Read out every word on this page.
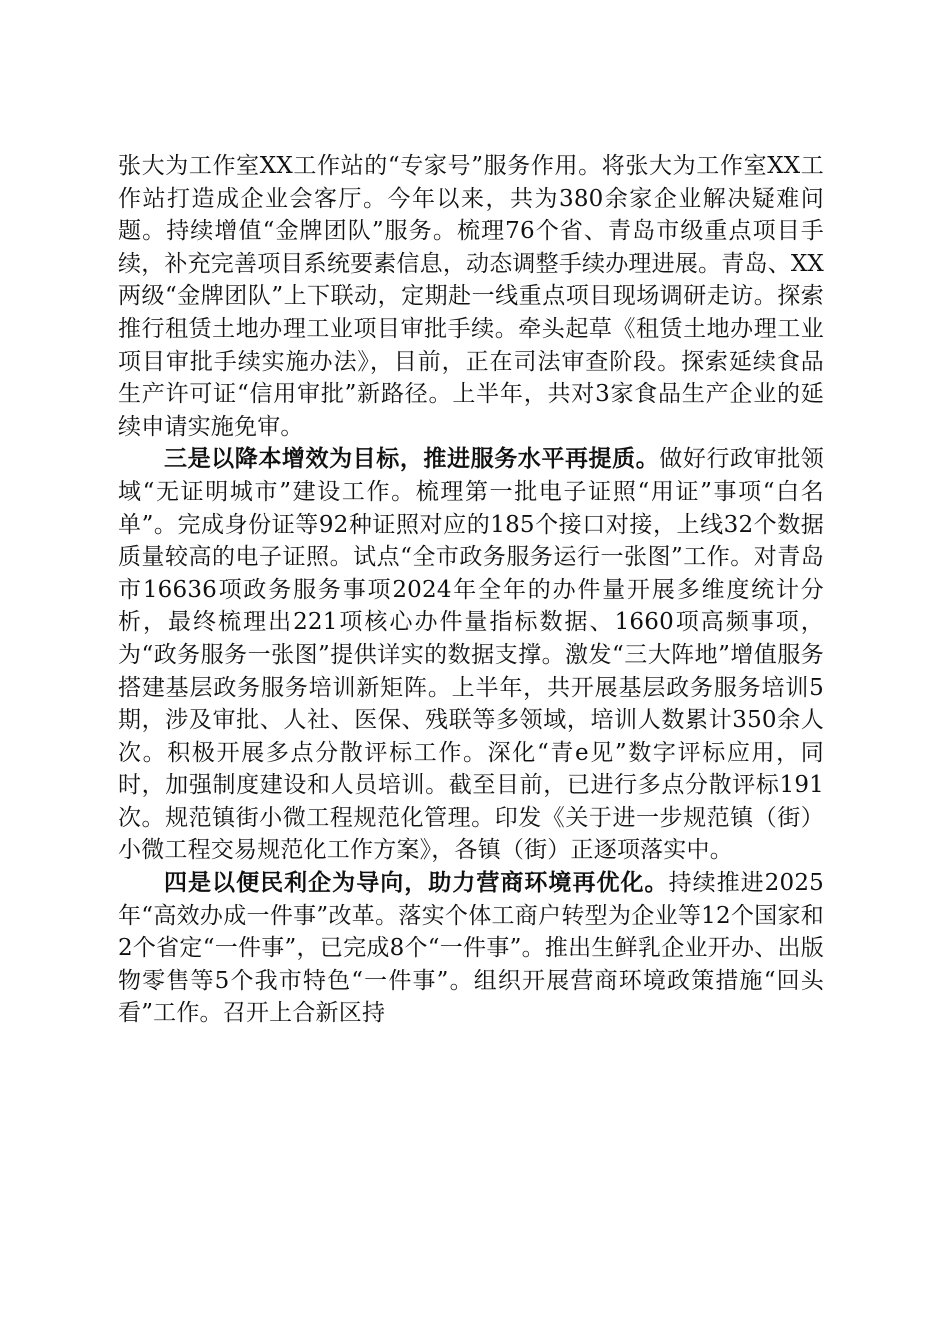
张大为工作室XX工作站的“专家号”服务作用。将张大为工作室XX工作站打造成企业会客厅。今年以来，共为380余家企业解决疑难问题。持续增值“金牌团队”服务。梳理76个省、青岛市级重点项目手续，补充完善项目系统要素信息，动态调整手续办理进展。青岛、XX两级“金牌团队”上下联动，定期赴一线重点项目现场调研走访。探索推行租赁土地办理工业项目审批手续。牵头起草《租赁土地办理工业项目审批手续实施办法》，目前，正在司法审查阶段。探索延续食品生产许可证“信用审批”新路径。上半年，共对3家食品生产企业的延续申请实施免审。

三是以降本增效为目标，推进服务水平再提质。做好行政审批领域“无证明城市”建设工作。梳理第一批电子证照“用证”事项“白名单”。完成身份证等92种证照对应的185个接口对接，上线32个数据质量较高的电子证照。试点“全市政务服务运行一张图”工作。对青岛市16636项政务服务事项2024年全年的办件量开展多维度统计分析，最终梳理出221项核心办件量指标数据、1660项高频事项，为“政务服务一张图”提供详实的数据支撑。激发“三大阵地”增值服务搭建基层政务服务培训新矩阵。上半年，共开展基层政务服务培训5期，涉及审批、人社、医保、残联等多领域，培训人数累计350余人次。积极开展多点分散评标工作。深化“青e见”数字评标应用，同时，加强制度建设和人员培训。截至目前，已进行多点分散评标191次。规范镇街小微工程规范化管理。印发《关于进一步规范镇（街）小微工程交易规范化工作方案》，各镇（街）正逐项落实中。

四是以便民利企为导向，助力营商环境再优化。持续推进2025年“高效办成一件事”改革。落实个体工商户转型为企业等12个国家和2个省定“一件事”，已完成8个“一件事”。推出生鲜乳企业开办、出版物零售等5个我市特色“一件事”。组织开展营商环境政策措施“回头看”工作。召开上合新区持
